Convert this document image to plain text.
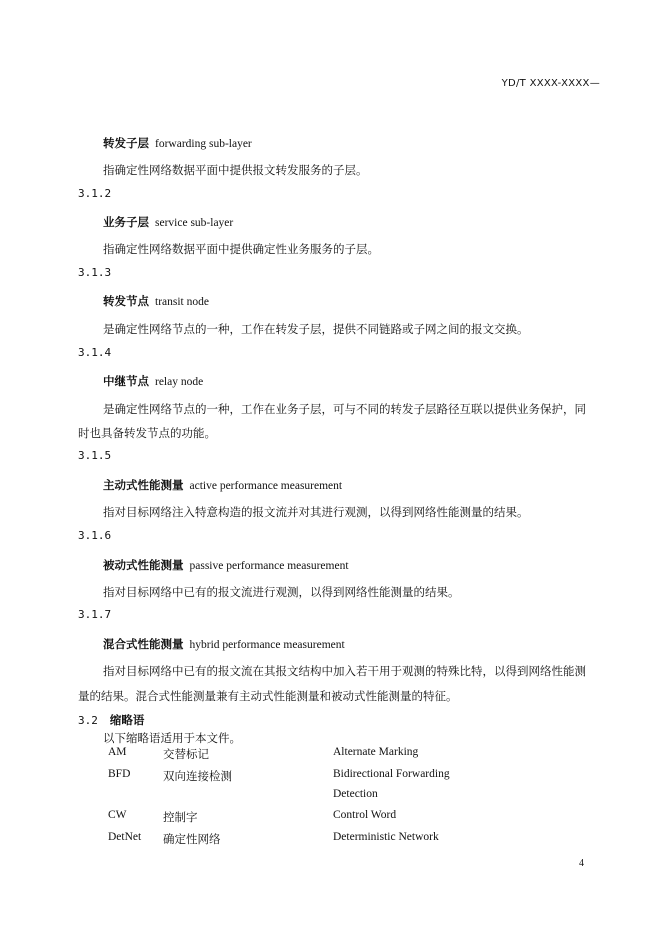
YD/T XXXX-XXXX—
转发子层 forwarding sub-layer
指确定性网络数据平面中提供报文转发服务的子层。
3.1.2
业务子层 service sub-layer
指确定性网络数据平面中提供确定性业务服务的子层。
3.1.3
转发节点 transit node
是确定性网络节点的一种，工作在转发子层，提供不同链路或子网之间的报文交换。
3.1.4
中继节点 relay node
是确定性网络节点的一种，工作在业务子层，可与不同的转发子层路径互联以提供业务保护，同
时也具备转发节点的功能。
3.1.5
主动式性能测量 active performance measurement
指对目标网络注入特意构造的报文流并对其进行观测，以得到网络性能测量的结果。
3.1.6
被动式性能测量 passive performance measurement
指对目标网络中已有的报文流进行观测，以得到网络性能测量的结果。
3.1.7
混合式性能测量 hybrid performance measurement
指对目标网络中已有的报文流在其报文结构中加入若干用于观测的特殊比特，以得到网络性能测
量的结果。混合式性能测量兼有主动式性能测量和被动式性能测量的特征。
3.2 缩略语
以下缩略语适用于本文件。
AM	交替标记	Alternate Marking
BFD	双向连接检测	Bidirectional Forwarding
Detection
CW	控制字	Control Word
DetNet 确定性网络	Deterministic Network
4
